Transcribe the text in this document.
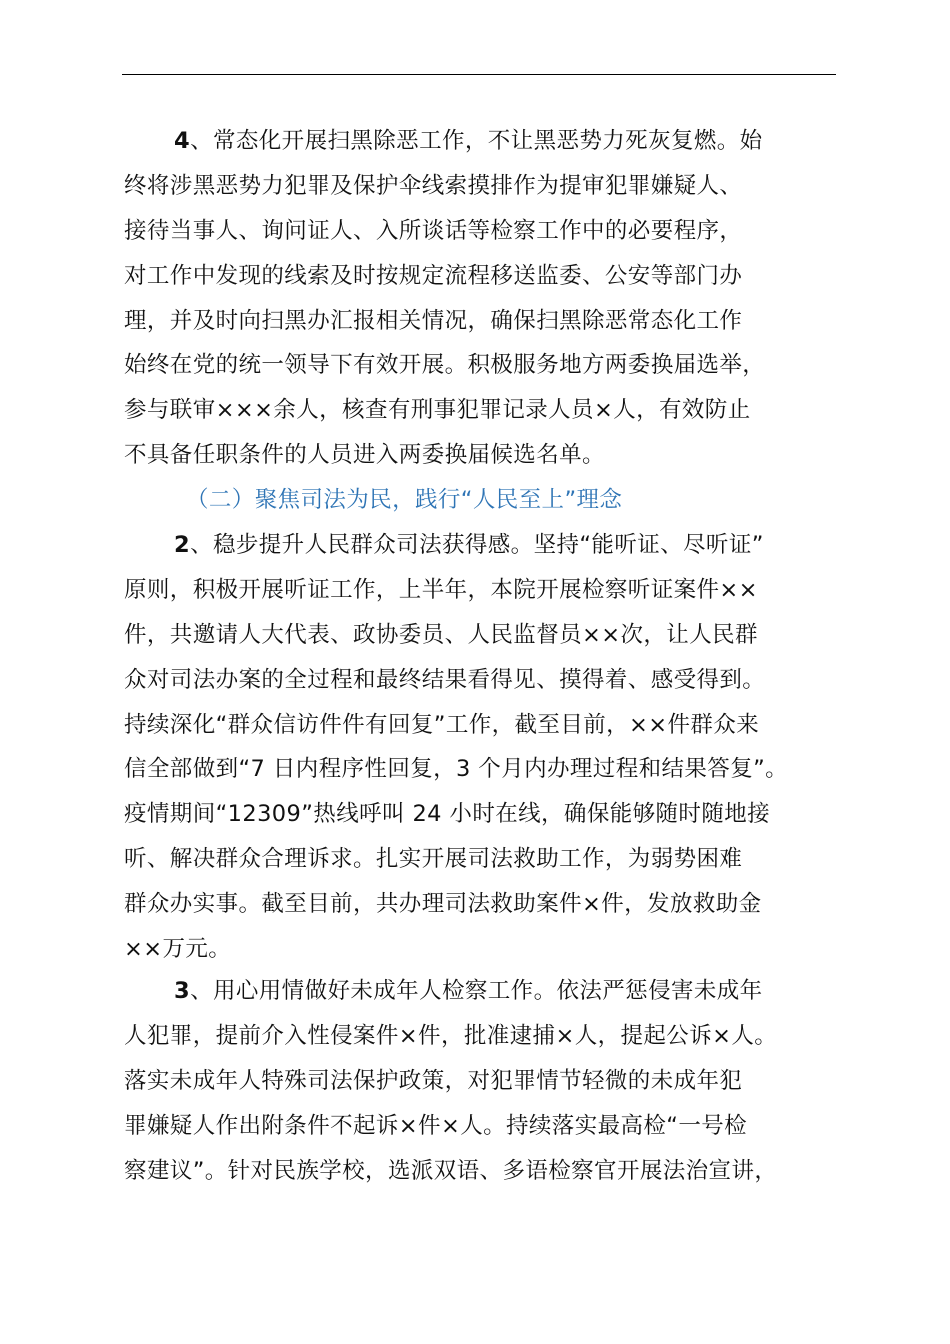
4、常态化开展扫黑除恶工作，不让黑恶势力死灰复燃。始
终将涉黑恶势力犯罪及保护伞线索摸排作为提审犯罪嫌疑人、
接待当事人、询问证人、入所谈话等检察工作中的必要程序，
对工作中发现的线索及时按规定流程移送监委、公安等部门办
理，并及时向扫黑办汇报相关情况，确保扫黑除恶常态化工作
始终在党的统一领导下有效开展。积极服务地方两委换届选举，
参与联审×××余人，核查有刑事犯罪记录人员×人，有效防止
不具备任职条件的人员进入两委换届候选名单。
（二）聚焦司法为民，践行“人民至上”理念
2、稳步提升人民群众司法获得感。坚持“能听证、尽听证”
原则，积极开展听证工作，上半年，本院开展检察听证案件××
件，共邀请人大代表、政协委员、人民监督员××次，让人民群
众对司法办案的全过程和最终结果看得见、摸得着、感受得到。
持续深化“群众信访件件有回复”工作，截至目前，××件群众来
信全部做到“7 日内程序性回复，3 个月内办理过程和结果答复”。
疫情期间“12309”热线呼叫 24 小时在线，确保能够随时随地接
听、解决群众合理诉求。扎实开展司法救助工作，为弱势困难
群众办实事。截至目前，共办理司法救助案件×件，发放救助金
××万元。
3、用心用情做好未成年人检察工作。依法严惩侵害未成年
人犯罪，提前介入性侵案件×件，批准逮捕×人，提起公诉×人。
落实未成年人特殊司法保护政策，对犯罪情节轻微的未成年犯
罪嫌疑人作出附条件不起诉×件×人。持续落实最高检“一号检
察建议”。针对民族学校，选派双语、多语检察官开展法治宣讲，
